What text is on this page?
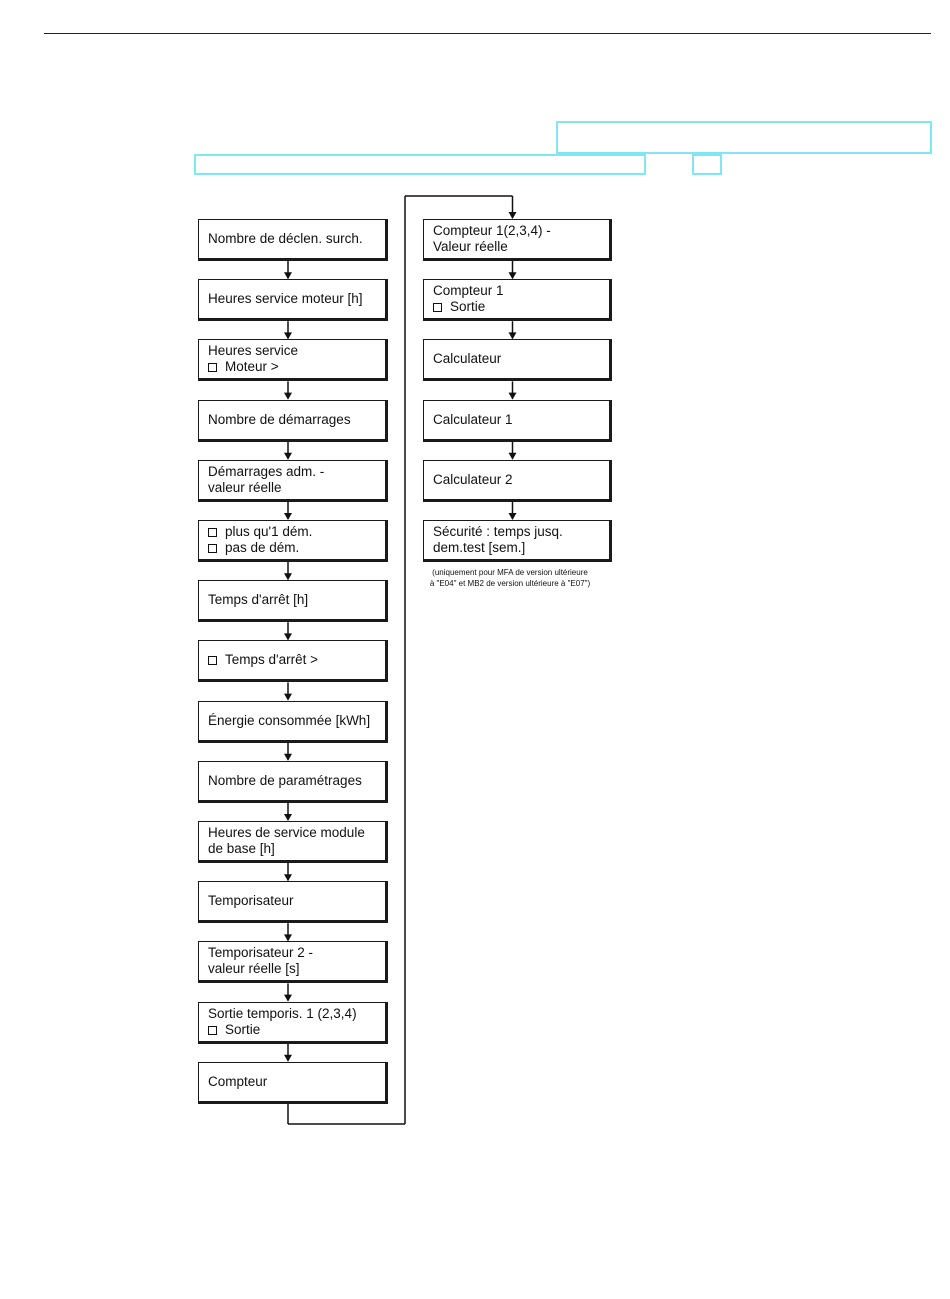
Nombre de déclen. surch.
Heures service moteur [h]
Heures service
Moteur >
Nombre de démarrages
Démarrages adm. -
valeur réelle
plus qu'1 dém.
pas de dém.
Temps d'arrêt [h]
Temps d'arrêt >
Énergie consommée [kWh]
Nombre de paramétrages
Heures de service module
de base [h]
Temporisateur
Temporisateur 2 -
valeur réelle [s]
Sortie temporis. 1 (2,3,4)
Sortie
Compteur
Compteur 1(2,3,4) -
Valeur réelle
Compteur 1
Sortie
Calculateur
Calculateur 1
Calculateur 2
Sécurité : temps jusq.
dem.test [sem.]
(uniquement pour MFA de version ultérieure
à "E04" et MB2 de version ultérieure à "E07")
